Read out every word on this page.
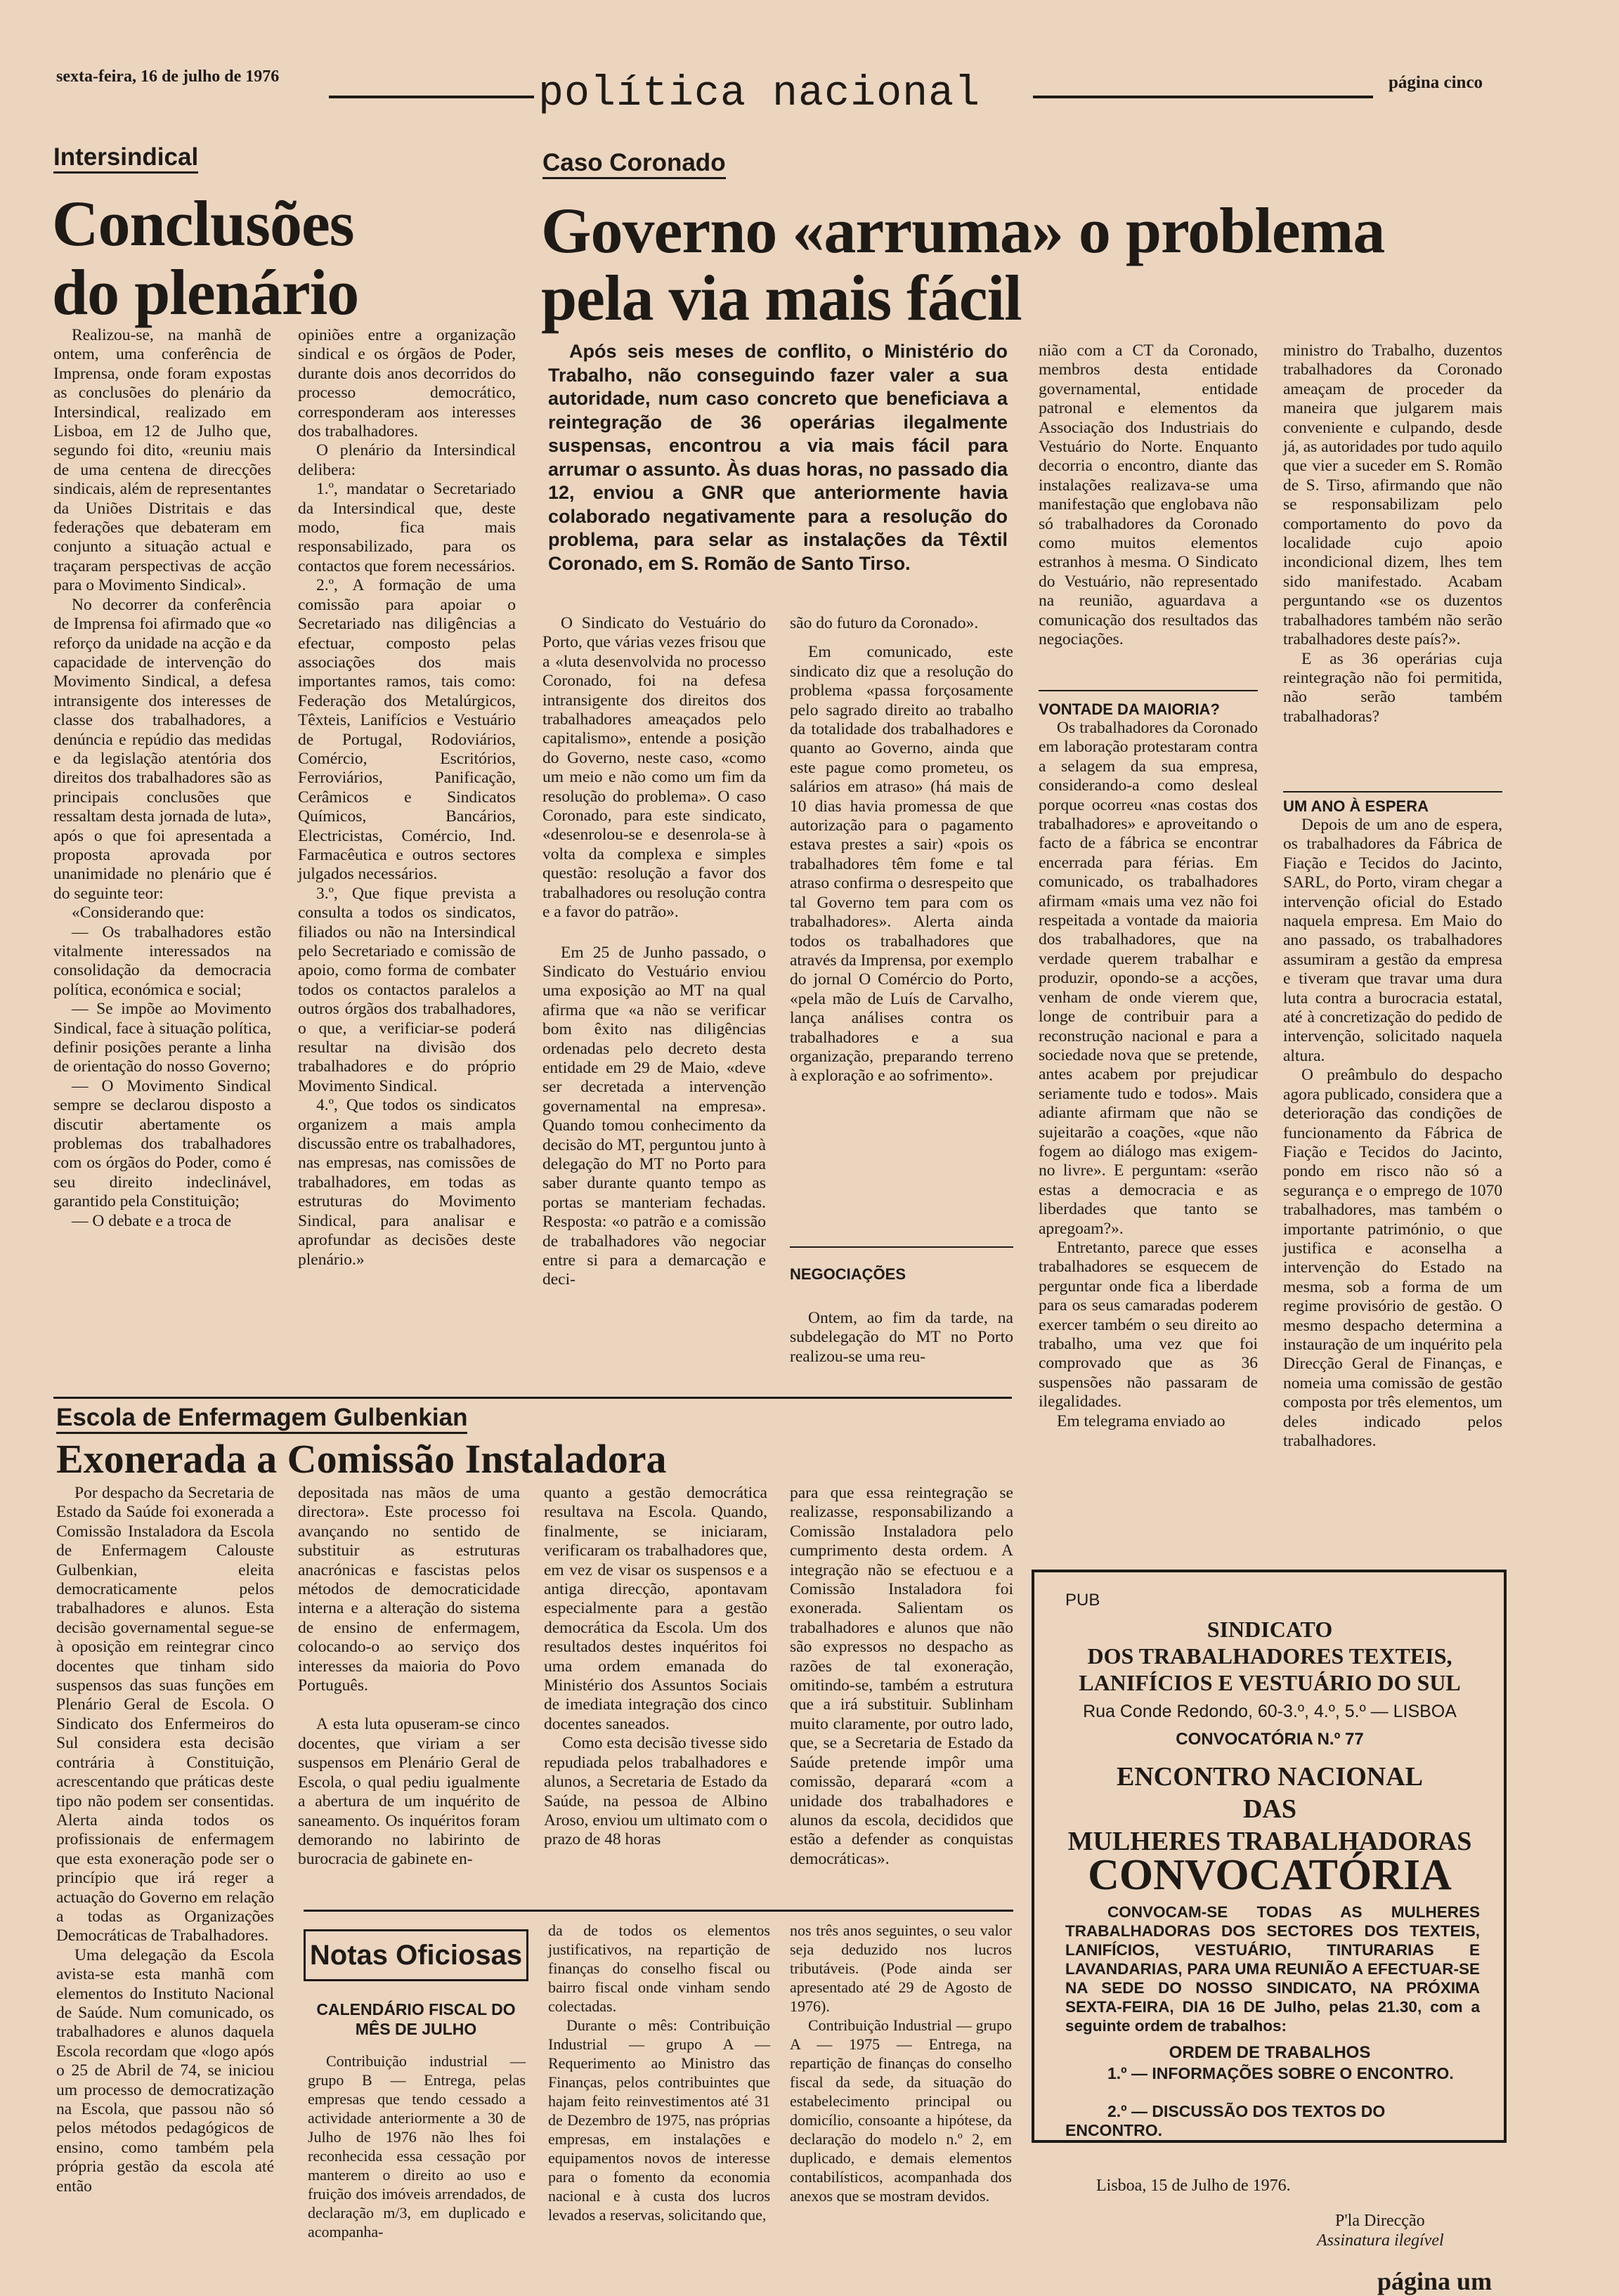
sexta-feira, 16 de julho de 1976	política nacional	página cinco
Intersindical
Conclusões
do plenário

Realizou-se, na manhã de ontem, uma conferência de Imprensa, onde foram expostas as conclusões do plenário da Intersindical, realizado em Lisboa, em 12 de Julho que, segundo foi dito, «reuniu mais de uma centena de direcções sindicais, além de representantes da Uniões Distritais e das federações que debateram em conjunto a situação actual e traçaram perspectivas de acção para o Movimento Sindical».

No decorrer da conferência de Imprensa foi afirmado que «o reforço da unidade na acção e da capacidade de intervenção do Movimento Sindical, a defesa intransigente dos interesses de classe dos trabalhadores, a denúncia e repúdio das medidas e da legislação atentória dos direitos dos trabalhadores são as principais conclusões que ressaltam desta jornada de luta», após o que foi apresentada a proposta aprovada por unanimidade no plenário que é do seguinte teor:

«Considerando que:

— Os trabalhadores estão vitalmente interessados na consolidação da democracia política, económica e social;

— Se impõe ao Movimento Sindical, face à situação política, definir posições perante a linha de orientação do nosso Governo;

— O Movimento Sindical sempre se declarou disposto a discutir abertamente os problemas dos trabalhadores com os órgãos do Poder, como é seu direito indeclinável, garantido pela Constituição;

— O debate e a troca de

opiniões entre a organização sindical e os órgãos de Poder, durante dois anos decorridos do processo democrático, corresponderam aos interesses dos trabalhadores.

O plenário da Intersindical delibera:

1.º, mandatar o Secretariado da Intersindical que, deste modo, fica mais responsabilizado, para os contactos que forem necessários.

2.º, A formação de uma comissão para apoiar o Secretariado nas diligências a efectuar, composto pelas associações dos mais importantes ramos, tais como: Federação dos Metalúrgicos, Têxteis, Lanifícios e Vestuário de Portugal, Rodoviários, Comércio, Escritórios, Ferroviários, Panificação, Cerâmicos e Sindicatos Químicos, Bancários, Electricistas, Comércio, Ind. Farmacêutica e outros sectores julgados necessários.

3.º, Que fique prevista a consulta a todos os sindicatos, filiados ou não na Intersindical pelo Secretariado e comissão de apoio, como forma de combater todos os contactos paralelos a outros órgãos dos trabalhadores, o que, a verificiar-se poderá resultar na divisão dos trabalhadores e do próprio Movimento Sindical.

4.º, Que todos os sindicatos organizem a mais ampla discussão entre os trabalhadores, nas empresas, nas comissões de trabalhadores, em todas as estruturas do Movimento Sindical, para analisar e aprofundar as decisões deste plenário.»

Caso Coronado
Governo «arruma» o problema
pela via mais fácil

Após seis meses de conflito, o Ministério do Trabalho, não conseguindo fazer valer a sua autoridade, num caso concreto que beneficiava a reintegração de 36 operárias ilegalmente suspensas, encontrou a via mais fácil para arrumar o assunto. Às duas horas, no passado dia 12, enviou a GNR que anteriormente havia colaborado negativamente para a resolução do problema, para selar as instalações da Têxtil Coronado, em S. Romão de Santo Tirso.

O Sindicato do Vestuário do Porto, que várias vezes frisou que a «luta desenvolvida no processo Coronado, foi na defesa intransigente dos direitos dos trabalhadores ameaçados pelo capitalismo», entende a posição do Governo, neste caso, «como um meio e não como um fim da resolução do problema». O caso Coronado, para este sindicato, «desenrolou-se e desenrolа-se à volta da complexa e simples questão: resolução a favor dos trabalhadores ou resolução contra e a favor do patrão».

Em 25 de Junho passado, o Sindicato do Vestuário enviou uma exposição ao MT na qual afirma que «a não se verificar bom êxito nas diligências ordenadas pelo decreto desta entidade em 29 de Maio, «deve ser decretada a intervenção governamental na empresa». Quando tomou conhecimento da decisão do MT, perguntou junto à delegação do MT no Porto para saber durante quanto tempo as portas se manteriam fechadas. Resposta: «o patrão e a comissão de trabalhadores vão negociar entre si para a demarcação e deci-

são do futuro da Coronado».

Em comunicado, este sindicato diz que a resolução do problema «passa forçosamente pelo sagrado direito ao trabalho da totalidade dos trabalhadores e quanto ao Governo, ainda que este pague como prometeu, os salários em atraso» (há mais de 10 dias havia promessa de que autorização para o pagamento estava prestes a sair) «pois os trabalhadores têm fome e tal atraso confirma o desrespeito que tal Governo tem para com os trabalhadores». Alerta ainda todos os trabalhadores que através da Imprensa, por exemplo do jornal O Comércio do Porto, «pela mão de Luís de Carvalho, lança análises contra os trabalhadores e a sua organização, preparando terreno à exploração e ao sofrimento».

NEGOCIAÇÕES

Ontem, ao fim da tarde, na subdelegação do MT no Porto realizou-se uma reu-

nião com a CT da Coronado, membros desta entidade governamental, entidade patronal e elementos da Associação dos Industriais do Vestuário do Norte. Enquanto decorria o encontro, diante das instalações realizava-se uma manifestação que englobava não só trabalhadores da Coronado como muitos elementos estranhos à mesma. O Sindicato do Vestuário, não representado na reunião, aguardava a comunicação dos resultados das negociações.

VONTADE DA MAIORIA?

Os trabalhadores da Coronado em laboração protestaram contra a selagem da sua empresa, considerando-a como desleal porque ocorreu «nas costas dos trabalhadores» e aproveitando o facto de a fábrica se encontrar encerrada para férias. Em comunicado, os trabalhadores afirmam «mais uma vez não foi respeitada a vontade da maioria dos trabalhadores, que na verdade querem trabalhar e produzir, opondo-se a acções, venham de onde vierem que, longe de contribuir para a reconstrução nacional e para a sociedade nova que se pretende, antes acabem por prejudicar seriamente tudo e todos». Mais adiante afirmam que não se sujeitarão a coações, «que não fogem ao diálogo mas exigem-no livre». E perguntam: «serão estas a democracia e as liberdades que tanto se apregoam?».

Entretanto, parece que esses trabalhadores se esquecem de perguntar onde fica a liberdade para os seus camaradas poderem exercer também o seu direito ao trabalho, uma vez que foi comprovado que as 36 suspensões não passaram de ilegalidades.

Em telegrama enviado ao

ministro do Trabalho, duzentos trabalhadores da Coronado ameaçam de proceder da maneira que julgarem mais conveniente e culpando, desde já, as autoridades por tudo aquilo que vier a suceder em S. Romão de S. Tirso, afirmando que não se responsabilizam pelo comportamento do povo da localidade cujo apoio incondicional dizem, lhes tem sido manifestado. Acabam perguntando «se os duzentos trabalhadores também não serão trabalhadores deste país?».

E as 36 operárias cuja reintegração não foi permitida, não serão também trabalhadoras?

UM ANO À ESPERA

Depois de um ano de espera, os trabalhadores da Fábrica de Fiação e Tecidos do Jacinto, SARL, do Porto, viram chegar a intervenção oficial do Estado naquela empresa. Em Maio do ano passado, os trabalhadores assumiram a gestão da empresa e tiveram que travar uma dura luta contra a burocracia estatal, até à concretização do pedido de intervenção, solicitado naquela altura.

O preâmbulo do despacho agora publicado, considera que a deterioração das condições de funcionamento da Fábrica de Fiação e Tecidos do Jacinto, pondo em risco não só a segurança e o emprego de 1070 trabalhadores, mas também o importante património, o que justifica e aconselha a intervenção do Estado na mesma, sob a forma de um regime provisório de gestão. O mesmo despacho determina a instauração de um inquérito pela Direcção Geral de Finanças, e nomeia uma comissão de gestão composta por três elementos, um deles indicado pelos trabalhadores.

Escola de Enfermagem Gulbenkian
Exonerada a Comissão Instaladora

Por despacho da Secretaria de Estado da Saúde foi exonerada a Comissão Instaladora da Escola de Enfermagem Calouste Gulbenkian, eleita democraticamente pelos trabalhadores e alunos. Esta decisão governamental segue-se à oposição em reintegrar cinco docentes que tinham sido suspensos das suas funções em Plenário Geral de Escola. O Sindicato dos Enfermeiros do Sul considera esta decisão contrária à Constituição, acrescentando que práticas deste tipo não podem ser consentidas. Alerta ainda todos os profissionais de enfermagem que esta exoneração pode ser o princípio que irá reger a actuação do Governo em relação a todas as Organizações Democráticas de Trabalhadores.

Uma delegação da Escola avista-se esta manhã com elementos do Instituto Nacional de Saúde. Num comunicado, os trabalhadores e alunos daquela Escola recordam que «logo após o 25 de Abril de 74, se iniciou um processo de democratização na Escola, que passou não só pelos métodos pedagógicos de ensino, como também pela própria gestão da escola até então

depositada nas mãos de uma directora». Este processo foi avançando no sentido de substituir as estruturas anacrónicas e fascistas pelos métodos de democraticidade interna e a alteração do sistema de ensino de enfermagem, colocando-o ao serviço dos interesses da maioria do Povo Português.

A esta luta opuseram-se cinco docentes, que viriam a ser suspensos em Plenário Geral de Escola, o qual pediu igualmente a abertura de um inquérito de saneamento. Os inquéritos foram demorando no labirinto de burocracia de gabinete en-

quanto a gestão democrática resultava na Escola. Quando, finalmente, se iniciaram, verificaram os trabalhadores que, em vez de visar os suspensos e a antiga direcção, apontavam especialmente para a gestão democrática da Escola. Um dos resultados destes inquéritos foi uma ordem emanada do Ministério dos Assuntos Sociais de imediata integração dos cinco docentes saneados.

Como esta decisão tivesse sido repudiada pelos trabalhadores e alunos, a Secretaria de Estado da Saúde, na pessoa de Albino Aroso, enviou um ultimato com o prazo de 48 horas

para que essa reintegração se realizasse, responsabilizando a Comissão Instaladora pelo cumprimento desta ordem. A integração não se efectuou e a Comissão Instaladora foi exonerada. Salientam os trabalhadores e alunos que não são expressos no despacho as razões de tal exoneração, omitindo-se, também a estrutura que a irá substituir. Sublinham muito claramente, por outro lado, que, se a Secretaria de Estado da Saúde pretende impôr uma comissão, deparará «com a unidade dos trabalhadores e alunos da escola, decididos que estão a defender as conquistas democráticas».

Notas Oficiosas
CALENDÁRIO FISCAL DO MÊS DE JULHO

Contribuição industrial — grupo B — Entrega, pelas empresas que tendo cessado a actividade anteriormente a 30 de Julho de 1976 não lhes foi reconhecida essa cessação por manterem o direito ao uso e fruição dos imóveis arrendados, de declaração m/3, em duplicado e acompanha-

da de todos os elementos justificativos, na repartição de finanças do conselho fiscal ou bairro fiscal onde vinham sendo colectadas.

Durante o mês: Contribuição Industrial — grupo A — Requerimento ao Ministro das Finanças, pelos contribuintes que hajam feito reinvestimentos até 31 de Dezembro de 1975, nas próprias empresas, em instalações e equipamentos novos de interesse para o fomento da economia nacional e à custa dos lucros levados a reservas, solicitando que,

nos três anos seguintes, o seu valor seja deduzido nos lucros tributáveis. (Pode ainda ser apresentado até 29 de Agosto de 1976).

Contribuição Industrial — grupo A — 1975 — Entrega, na repartição de finanças do conselho fiscal da sede, da situação do estabelecimento principal ou domicílio, consoante a hipótese, da declaração do modelo n.º 2, em duplicado, e demais elementos contabilísticos, acompanhada dos anexos que se mostram devidos.

PUB
SINDICATO
DOS TRABALHADORES TEXTEIS,
LANIFÍCIOS E VESTUÁRIO DO SUL
Rua Conde Redondo, 60-3.º, 4.º, 5.º — LISBOA
CONVOCATÓRIA N.º 77
ENCONTRO NACIONAL
DAS
MULHERES TRABALHADORAS
CONVOCATÓRIA
CONVOCAM-SE TODAS AS MULHERES TRABALHADORAS DOS SECTORES DOS TEXTEIS, LANIFÍCIOS, VESTUÁRIO, TINTURARIAS E LAVANDARIAS, PARA UMA REUNIÃO A EFECTUAR-SE NA SEDE DO NOSSO SINDICATO, NA PRÓXIMA SEXTA-FEIRA, DIA 16 DE Julho, pelas 21.30, com a seguinte ordem de trabalhos:
ORDEM DE TRABALHOS
1.º — INFORMAÇÕES SOBRE O ENCONTRO.
2.º — DISCUSSÃO DOS TEXTOS DO ENCONTRO.
Lisboa, 15 de Julho de 1976.
P'la Direcção
Assinatura ilegível
página um
